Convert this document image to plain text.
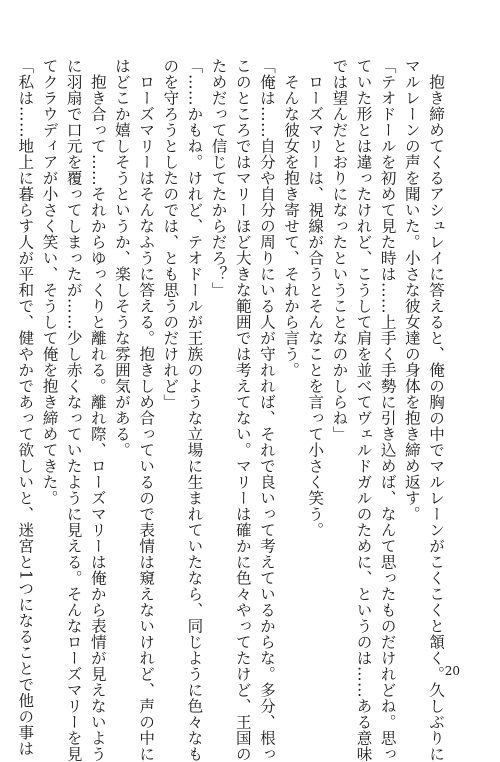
抱き締めてくるアシュレイに答えると、俺の胸の中でマルレーンがこくこくと頷く。久しぶりに
マルレーンの声を聞いた。小さな彼女達の身体を抱き締め返す。
「テオドールを初めて見た時は……上手く手勢に引き込めば、なんて思ったものだけれどね。思っ
ていた形とは違ったけれど、こうして肩を並べてヴェルドガルのために、というのは……ある意味
では望んだとおりになったということなのかしらね」
ローズマリーは、視線が合うとそんなことを言って小さく笑う。
そんな彼女を抱き寄せて、それから言う。
「俺は……自分や自分の周りにいる人が守れれば、それで良いって考えているからな。多分、根っ
このところではマリーほど大きな範囲では考えてない。マリーは確かに色々やってたけど、王国の
ためだって信じてたからだろ？」
「……かもね。けれど、テオドールが王族のような立場に生まれていたなら、同じように色々なも
のを守ろうとしたのでは、とも思うのだけれど」
ローズマリーはそんなふうに答える。抱きしめ合っているので表情は窺えないけれど、声の中に
はどこか嬉しそうというか、楽しそうな雰囲気がある。
抱き合って……それからゆっくりと離れる。離れ際、ローズマリーは俺から表情が見えないよう
に羽扇で口元を覆ってしまったが……少し赤くなっていたように見える。そんなローズマリーを見
てクラウディアが小さく笑い、そうして俺を抱き締めてきた。
「私は……地上に暮らす人が平和で、健やかであって欲しいと、迷宮と1つになることで他の事は	20
